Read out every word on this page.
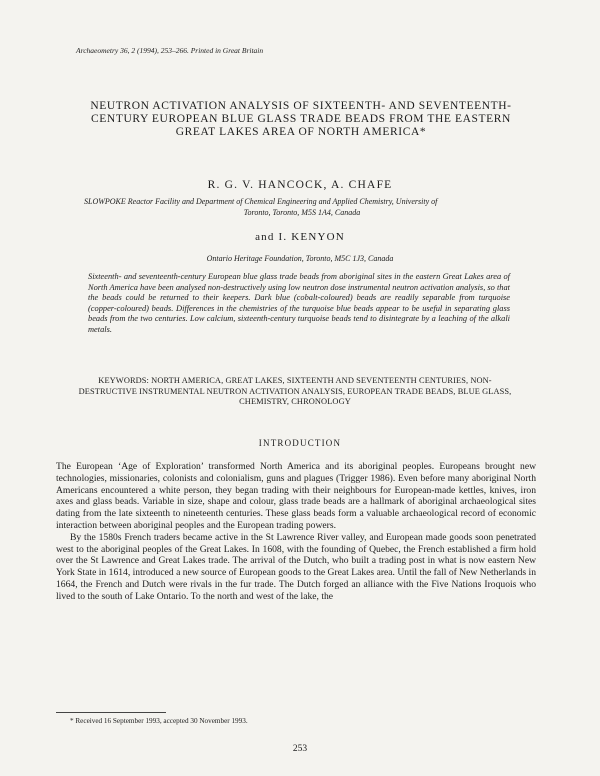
Archaeometry 36, 2 (1994), 253–266. Printed in Great Britain
NEUTRON ACTIVATION ANALYSIS OF SIXTEENTH- AND SEVENTEENTH-CENTURY EUROPEAN BLUE GLASS TRADE BEADS FROM THE EASTERN GREAT LAKES AREA OF NORTH AMERICA*
R. G. V. HANCOCK, A. CHAFE
SLOWPOKE Reactor Facility and Department of Chemical Engineering and Applied Chemistry, University of
Toronto, Toronto, M5S 1A4, Canada
and I. KENYON
Ontario Heritage Foundation, Toronto, M5C 1J3, Canada
Sixteenth- and seventeenth-century European blue glass trade beads from aboriginal sites in the eastern Great Lakes area of North America have been analysed non-destructively using low neutron dose instrumental neutron activation analysis, so that the beads could be returned to their keepers. Dark blue (cobalt-coloured) beads are readily separable from turquoise (copper-coloured) beads. Differences in the chemistries of the turquoise blue beads appear to be useful in separating glass beads from the two centuries. Low calcium, sixteenth-century turquoise beads tend to disintegrate by a leaching of the alkali metals.
KEYWORDS: NORTH AMERICA, GREAT LAKES, SIXTEENTH AND SEVENTEENTH CENTURIES, NON-DESTRUCTIVE INSTRUMENTAL NEUTRON ACTIVATION ANALYSIS, EUROPEAN TRADE BEADS, BLUE GLASS, CHEMISTRY, CHRONOLOGY
INTRODUCTION

The European ‘Age of Exploration’ transformed North America and its aboriginal peoples. Europeans brought new technologies, missionaries, colonists and colonialism, guns and plagues (Trigger 1986). Even before many aboriginal North Americans encountered a white person, they began trading with their neighbours for European-made kettles, knives, iron axes and glass beads. Variable in size, shape and colour, glass trade beads are a hallmark of aboriginal archaeological sites dating from the late sixteenth to nineteenth centuries. These glass beads form a valuable archaeological record of economic interaction between aboriginal peoples and the European trading powers.

By the 1580s French traders became active in the St Lawrence River valley, and European made goods soon penetrated west to the aboriginal peoples of the Great Lakes. In 1608, with the founding of Quebec, the French established a firm hold over the St Lawrence and Great Lakes trade. The arrival of the Dutch, who built a trading post in what is now eastern New York State in 1614, introduced a new source of European goods to the Great Lakes area. Until the fall of New Netherlands in 1664, the French and Dutch were rivals in the fur trade. The Dutch forged an alliance with the Five Nations Iroquois who lived to the south of Lake Ontario. To the north and west of the lake, the

* Received 16 September 1993, accepted 30 November 1993.
253
